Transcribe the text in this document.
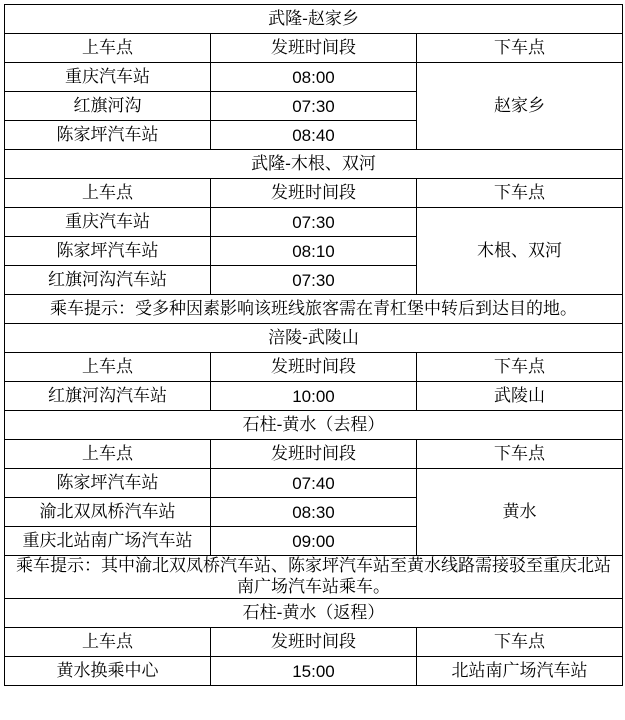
武隆-赵家乡		
上车点	发班时间段	下车点
重庆汽车站	08:00	赵家乡
红旗河沟	07:30	
陈家坪汽车站	08:40	
武隆-木根、双河		
上车点	发班时间段	下车点
重庆汽车站	07:30	木根、双河
陈家坪汽车站	08:10	
红旗河沟汽车站	07:30	
乘车提示：受多种因素影响该班线旅客需在青杠堡中转后到达目的地。		
涪陵-武陵山		
上车点	发班时间段	下车点
红旗河沟汽车站	10:00	武陵山
石柱-黄水（去程）		
上车点	发班时间段	下车点
陈家坪汽车站	07:40	黄水
渝北双凤桥汽车站	08:30	
重庆北站南广场汽车站	09:00	
乘车提示：其中渝北双凤桥汽车站、陈家坪汽车站至黄水线路需接驳至重庆北站南广场汽车站乘车。		
石柱-黄水（返程）		
上车点	发班时间段	下车点
黄水换乘中心	15:00	北站南广场汽车站
